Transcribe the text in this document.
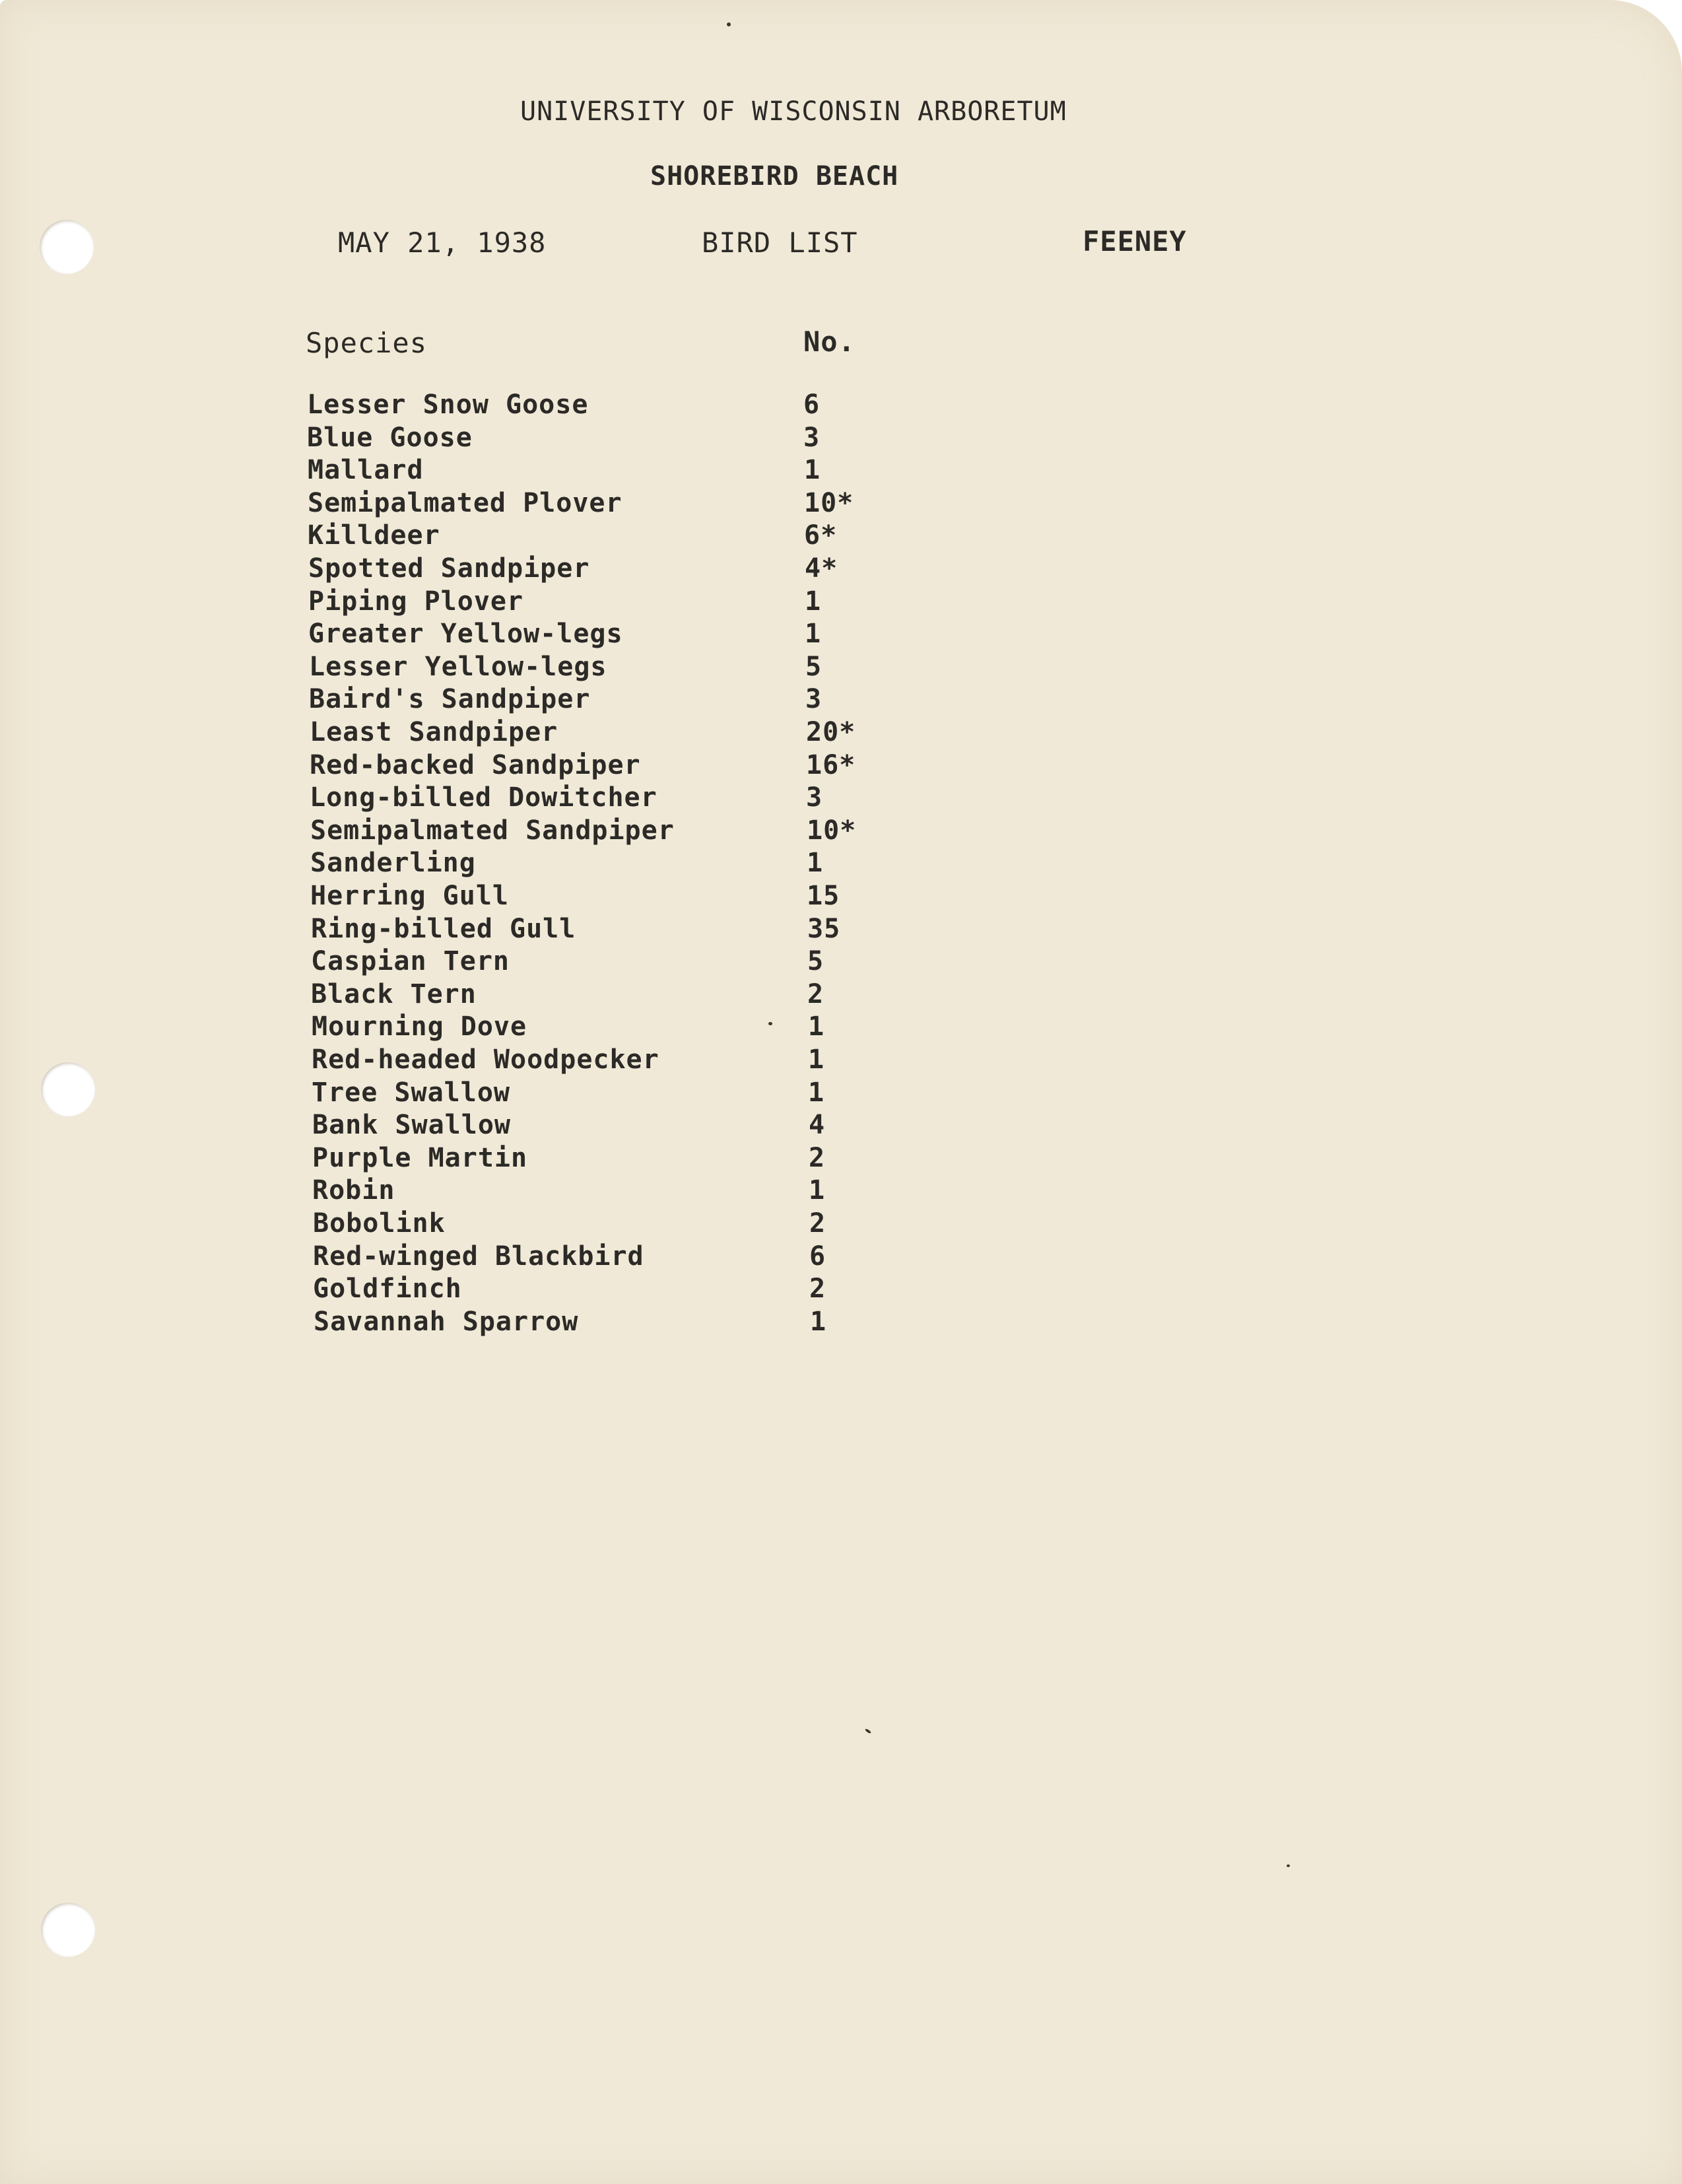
UNIVERSITY OF WISCONSIN ARBORETUM
SHOREBIRD BEACH
MAY 21, 1938	BIRD LIST	FEENEY
Species	No.
Lesser Snow Goose	6
Blue Goose	3
Mallard	1
Semipalmated Plover	10*
Killdeer	6*
Spotted Sandpiper	4*
Piping Plover	1
Greater Yellow-legs	1
Lesser Yellow-legs	5
Baird's Sandpiper	3
Least Sandpiper	20*
Red-backed Sandpiper	16*
Long-billed Dowitcher	3
Semipalmated Sandpiper	10*
Sanderling	1
Herring Gull	15
Ring-billed Gull	35
Caspian Tern	5
Black Tern	2
Mourning Dove	1
Red-headed Woodpecker	1
Tree Swallow	1
Bank Swallow	4
Purple Martin	2
Robin	1
Bobolink	2
Red-winged Blackbird	6
Goldfinch	2
Savannah Sparrow	1
